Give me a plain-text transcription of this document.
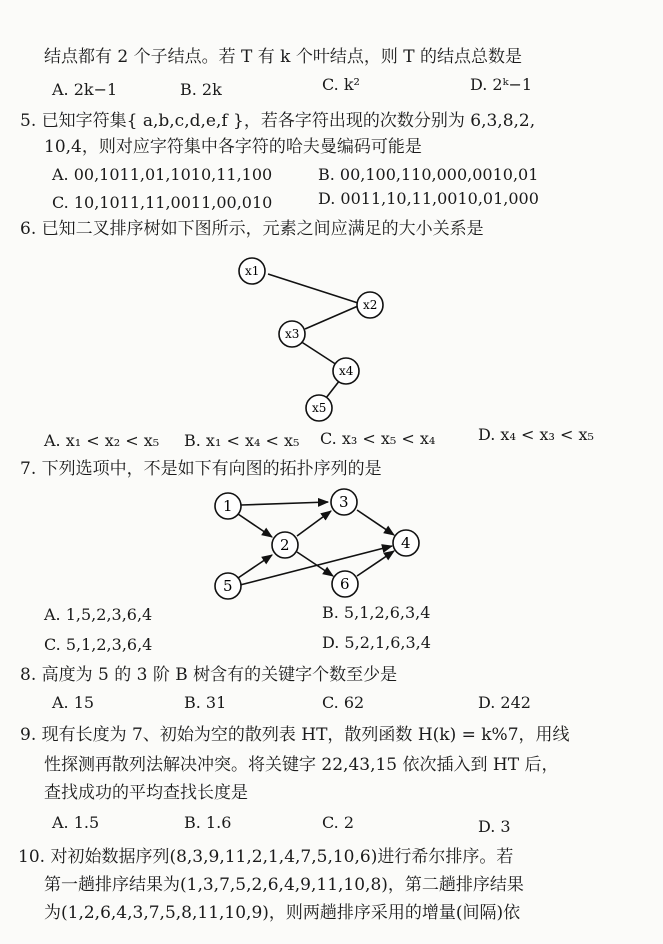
结点都有 2 个子结点。若 T 有 k 个叶结点，则 T 的结点总数是
A. 2k−1	B. 2k	C. k²	D. 2ᵏ−1
5. 已知字符集{ a,b,c,d,e,f }，若各字符出现的次数分别为 6,3,8,2,
10,4，则对应字符集中各字符的哈夫曼编码可能是
A. 00,1011,01,1010,11,100	B. 00,100,110,000,0010,01
C. 10,1011,11,0011,00,010	D. 0011,10,11,0010,01,000
6. 已知二叉排序树如下图所示，元素之间应满足的大小关系是
x1
x2
x3
x4
x5
A. x₁ < x₂ < x₅ B. x₁ < x₄ < x₅ C. x₃ < x₅ < x₄	D. x₄ < x₃ < x₅
7. 下列选项中，不是如下有向图的拓扑序列的是
1
2
3
4
5	6
A. 1,5,2,3,6,4	B. 5,1,2,6,3,4
C. 5,1,2,3,6,4	D. 5,2,1,6,3,4
8. 高度为 5 的 3 阶 B 树含有的关键字个数至少是
A. 15	B. 31	C. 62	D. 242
9. 现有长度为 7、初始为空的散列表 HT，散列函数 H(k) = k%7，用线
性探测再散列法解决冲突。将关键字 22,43,15 依次插入到 HT 后，
查找成功的平均查找长度是
A. 1.5	B. 1.6	C. 2	D. 3
10. 对初始数据序列(8,3,9,11,2,1,4,7,5,10,6)进行希尔排序。若
第一趟排序结果为(1,3,7,5,2,6,4,9,11,10,8)，第二趟排序结果
为(1,2,6,4,3,7,5,8,11,10,9)，则两趟排序采用的增量(间隔)依
